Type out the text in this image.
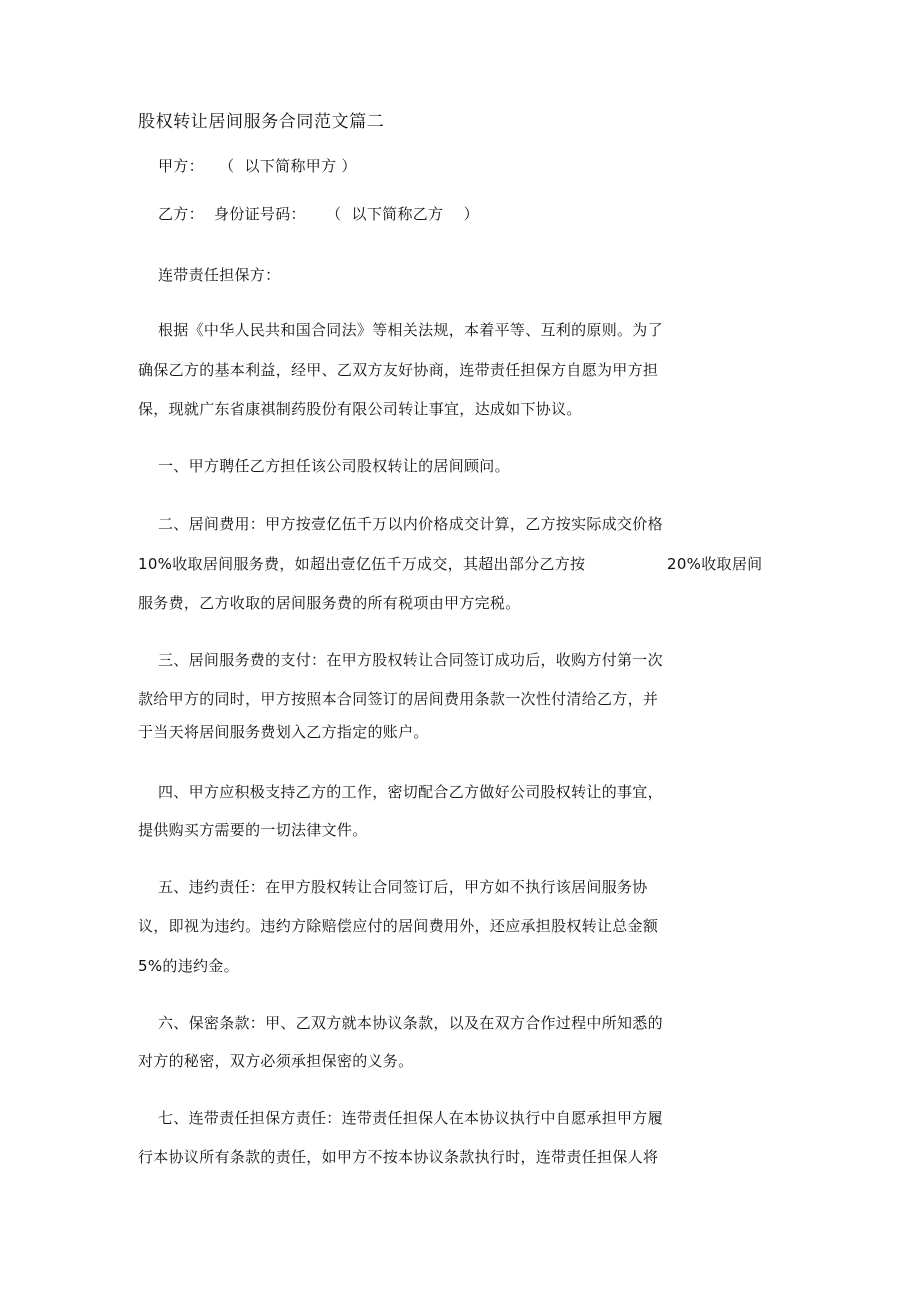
股权转让居间服务合同范文篇二
甲方：   （  以下简称甲方 ）
乙方：  身份证号码：    （  以下简称乙方    ）
连带责任担保方：
根据《中华人民共和国合同法》等相关法规，本着平等、互利的原则。为了
确保乙方的基本利益，经甲、乙双方友好协商，连带责任担保方自愿为甲方担
保，现就广东省康祺制药股份有限公司转让事宜，达成如下协议。
一、甲方聘任乙方担任该公司股权转让的居间顾问。
二、居间费用：甲方按壹亿伍千万以内价格成交计算，乙方按实际成交价格
10%收取居间服务费，如超出壹亿伍千万成交，其超出部分乙方按	20%收取居间
服务费，乙方收取的居间服务费的所有税项由甲方完税。
三、居间服务费的支付：在甲方股权转让合同签订成功后，收购方付第一次
款给甲方的同时，甲方按照本合同签订的居间费用条款一次性付清给乙方，并
于当天将居间服务费划入乙方指定的账户。
四、甲方应积极支持乙方的工作，密切配合乙方做好公司股权转让的事宜，
提供购买方需要的一切法律文件。
五、违约责任：在甲方股权转让合同签订后，甲方如不执行该居间服务协
议，即视为违约。违约方除赔偿应付的居间费用外，还应承担股权转让总金额
5%的违约金。
六、保密条款：甲、乙双方就本协议条款，以及在双方合作过程中所知悉的
对方的秘密，双方必须承担保密的义务。
七、连带责任担保方责任：连带责任担保人在本协议执行中自愿承担甲方履
行本协议所有条款的责任，如甲方不按本协议条款执行时，连带责任担保人将
